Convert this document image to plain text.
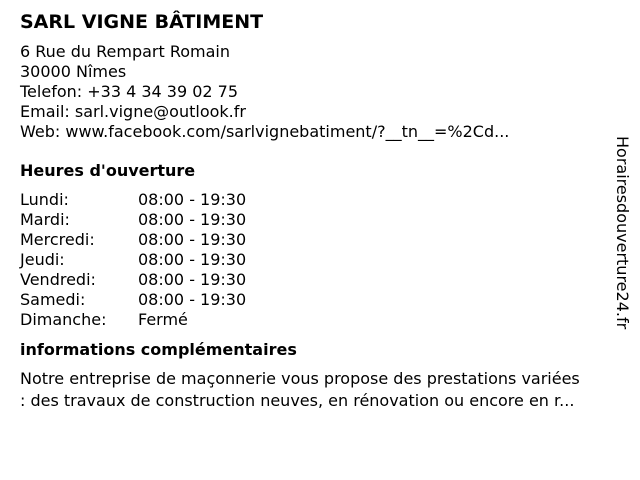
SARL VIGNE BÂTIMENT
6 Rue du Rempart Romain
30000 Nîmes
Telefon: +33 4 34 39 02 75
Email: sarl.vigne@outlook.fr
Web: www.facebook.com/sarlvignebatiment/?__tn__=%2Cd...
Heures d'ouverture
Lundi:	08:00 - 19:30
Mardi:	08:00 - 19:30
Mercredi:	08:00 - 19:30
Jeudi:	08:00 - 19:30
Vendredi:	08:00 - 19:30
Samedi:	08:00 - 19:30
Dimanche:	Fermé
informations complémentaires
Notre entreprise de maçonnerie vous propose des prestations variées
: des travaux de construction neuves, en rénovation ou encore en r...
Horairesdouverture24.fr
